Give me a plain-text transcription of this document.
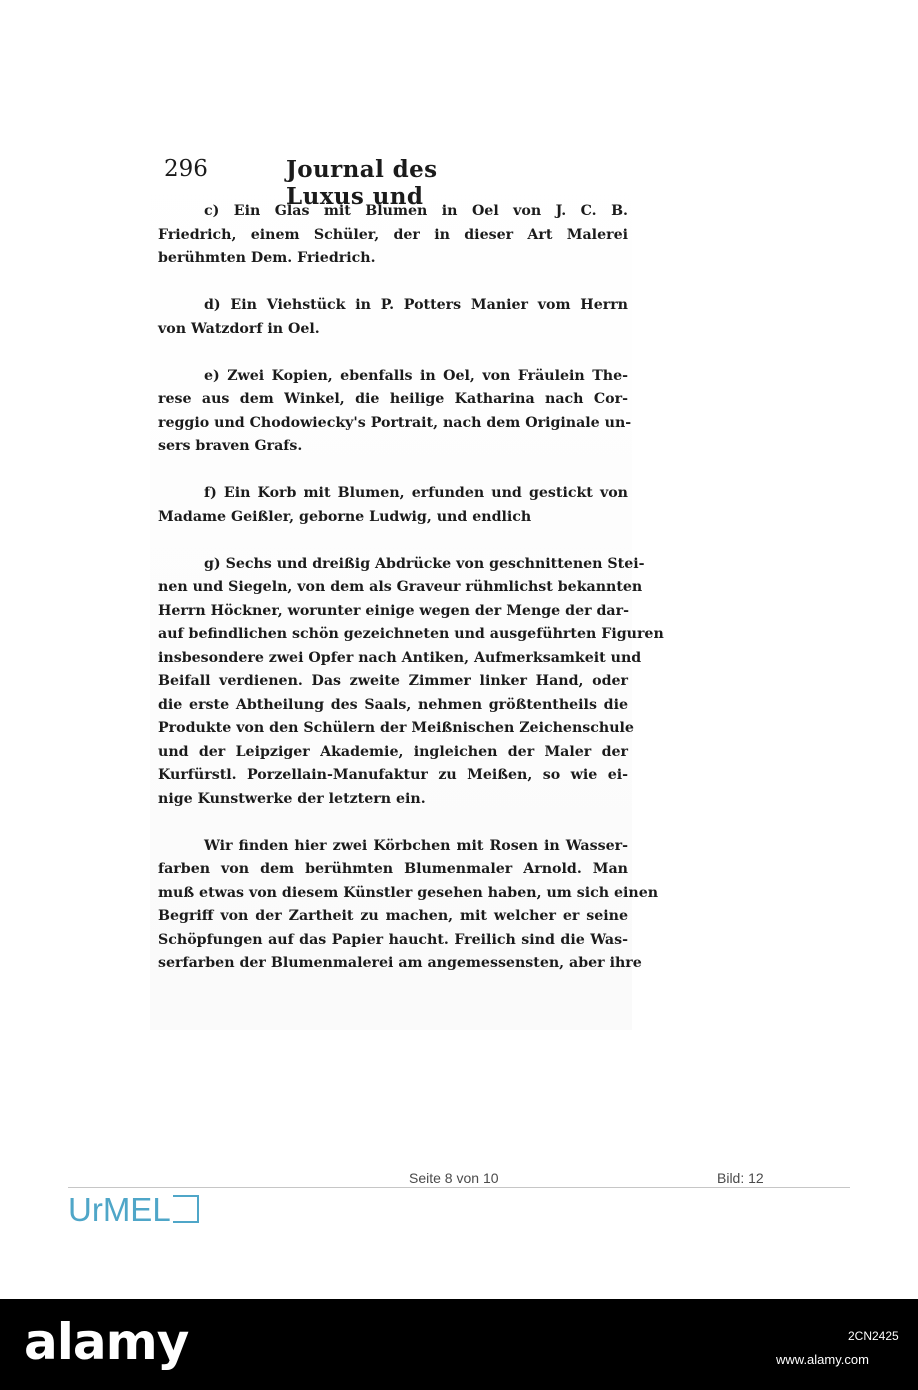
296	Journal des Luxus und
c) Ein Glas mit Blumen in Oel von J. C. B.
Friedrich, einem Schüler, der in dieser Art Malerei
berühmten Dem. Friedrich.
d) Ein Viehstück in P. Potters Manier vom Herrn
von Watzdorf in Oel.
e) Zwei Kopien, ebenfalls in Oel, von Fräulein The-
rese aus dem Winkel, die heilige Katharina nach Cor-
reggio und Chodowiecky's Portrait, nach dem Originale un-
sers braven Grafs.
f) Ein Korb mit Blumen, erfunden und gestickt von
Madame Geißler, geborne Ludwig, und endlich
g) Sechs und dreißig Abdrücke von geschnittenen Stei-
nen und Siegeln, von dem als Graveur rühmlichst bekannten
Herrn Höckner, worunter einige wegen der Menge der dar-
auf befindlichen schön gezeichneten und ausgeführten Figuren
insbesondere zwei Opfer nach Antiken, Aufmerksamkeit und
Beifall verdienen. Das zweite Zimmer linker Hand, oder
die erste Abtheilung des Saals, nehmen größtentheils die
Produkte von den Schülern der Meißnischen Zeichenschule
und der Leipziger Akademie, ingleichen der Maler der
Kurfürstl. Porzellain-Manufaktur zu Meißen, so wie ei-
nige Kunstwerke der letztern ein.
Wir finden hier zwei Körbchen mit Rosen in Wasser-
farben von dem berühmten Blumenmaler Arnold. Man
muß etwas von diesem Künstler gesehen haben, um sich einen
Begriff von der Zartheit zu machen, mit welcher er seine
Schöpfungen auf das Papier haucht. Freilich sind die Was-
serfarben der Blumenmalerei am angemessensten, aber ihre
Seite 8 von 10	Bild: 12
UrMEL
alamy	2CN2425
www.alamy.com
